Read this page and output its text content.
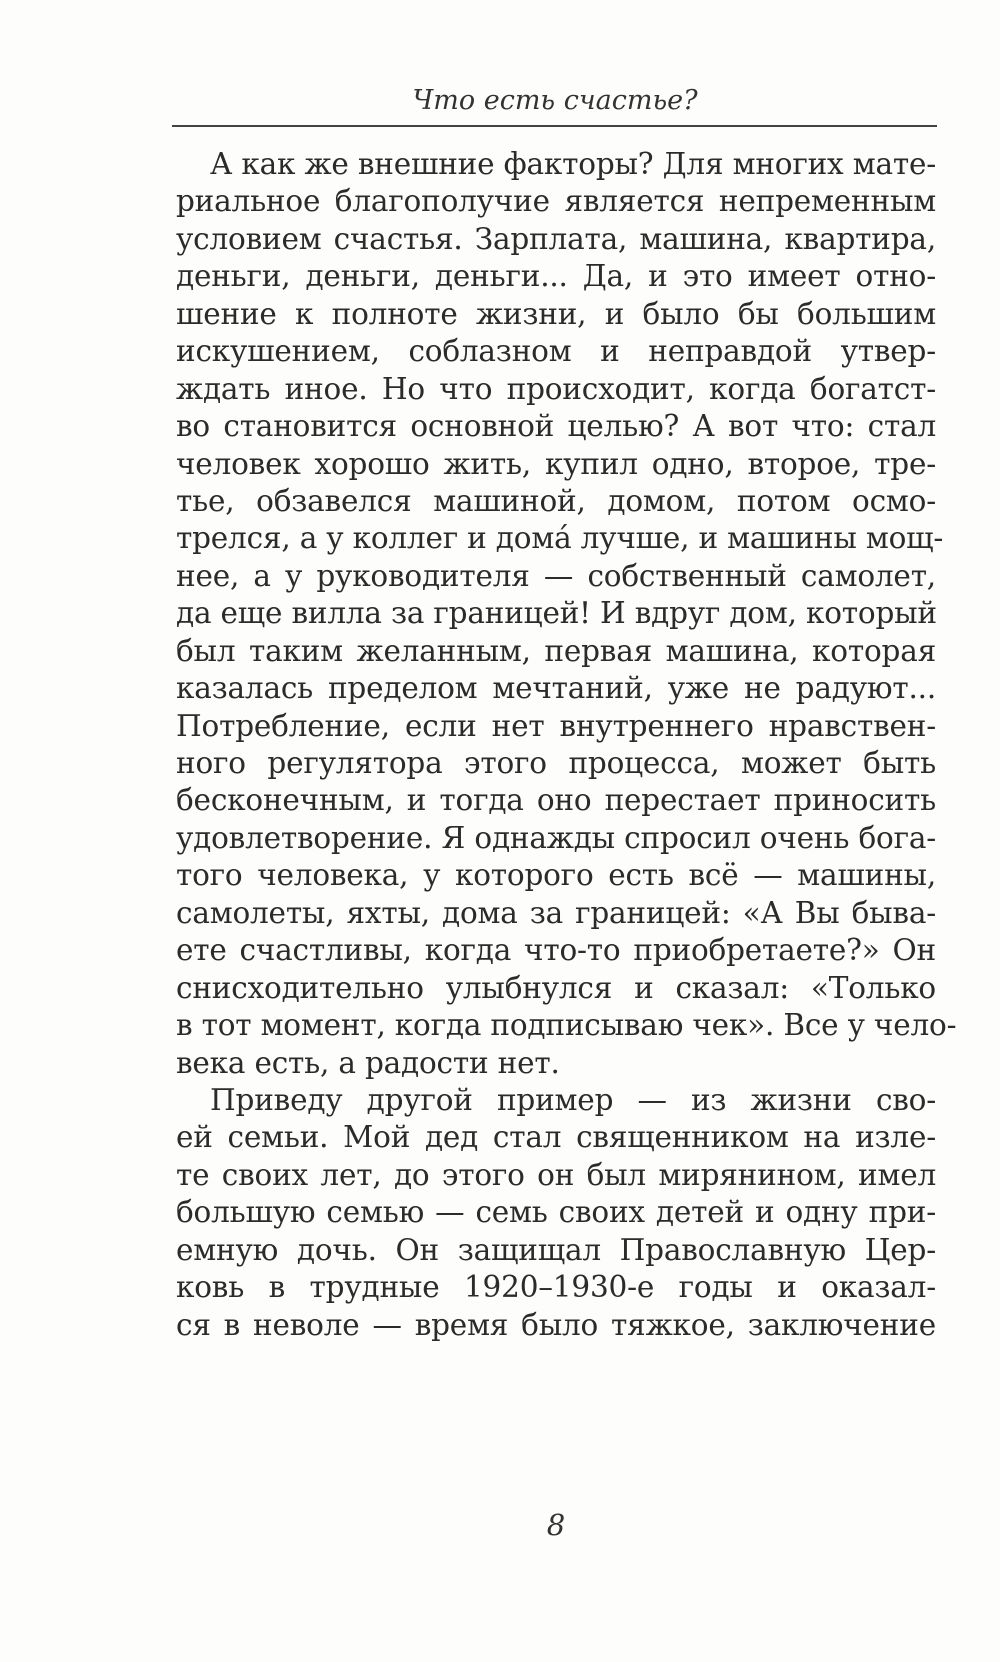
Что есть счастье?
А как же внешние факторы? Для многих мате-
риальное благополучие является непременным
условием счастья. Зарплата, машина, квартира,
деньги, деньги, деньги... Да, и это имеет отно-
шение к полноте жизни, и было бы большим
искушением, соблазном и неправдой утвер-
ждать иное. Но что происходит, когда богатст-
во становится основной целью? А вот что: стал
человек хорошо жить, купил одно, второе, тре-
тье, обзавелся машиной, домом, потом осмо-
трелся, а у коллег и дома́ лучше, и машины мощ-
нее, а у руководителя — собственный самолет,
да еще вилла за границей! И вдруг дом, который
был таким желанным, первая машина, которая
казалась пределом мечтаний, уже не радуют...
Потребление, если нет внутреннего нравствен-
ного регулятора этого процесса, может быть
бесконечным, и тогда оно перестает приносить
удовлетворение. Я однажды спросил очень бога-
того человека, у которого есть всё — машины,
самолеты, яхты, дома за границей: «А Вы быва-
ете счастливы, когда что-то приобретаете?» Он
снисходительно улыбнулся и сказал: «Только
в тот момент, когда подписываю чек». Все у чело-
века есть, а радости нет.
Приведу другой пример — из жизни сво-
ей семьи. Мой дед стал священником на изле-
те своих лет, до этого он был мирянином, имел
большую семью — семь своих детей и одну при-
емную дочь. Он защищал Православную Цер-
ковь в трудные 1920–1930-е годы и оказал-
ся в неволе — время было тяжкое, заключение
8
